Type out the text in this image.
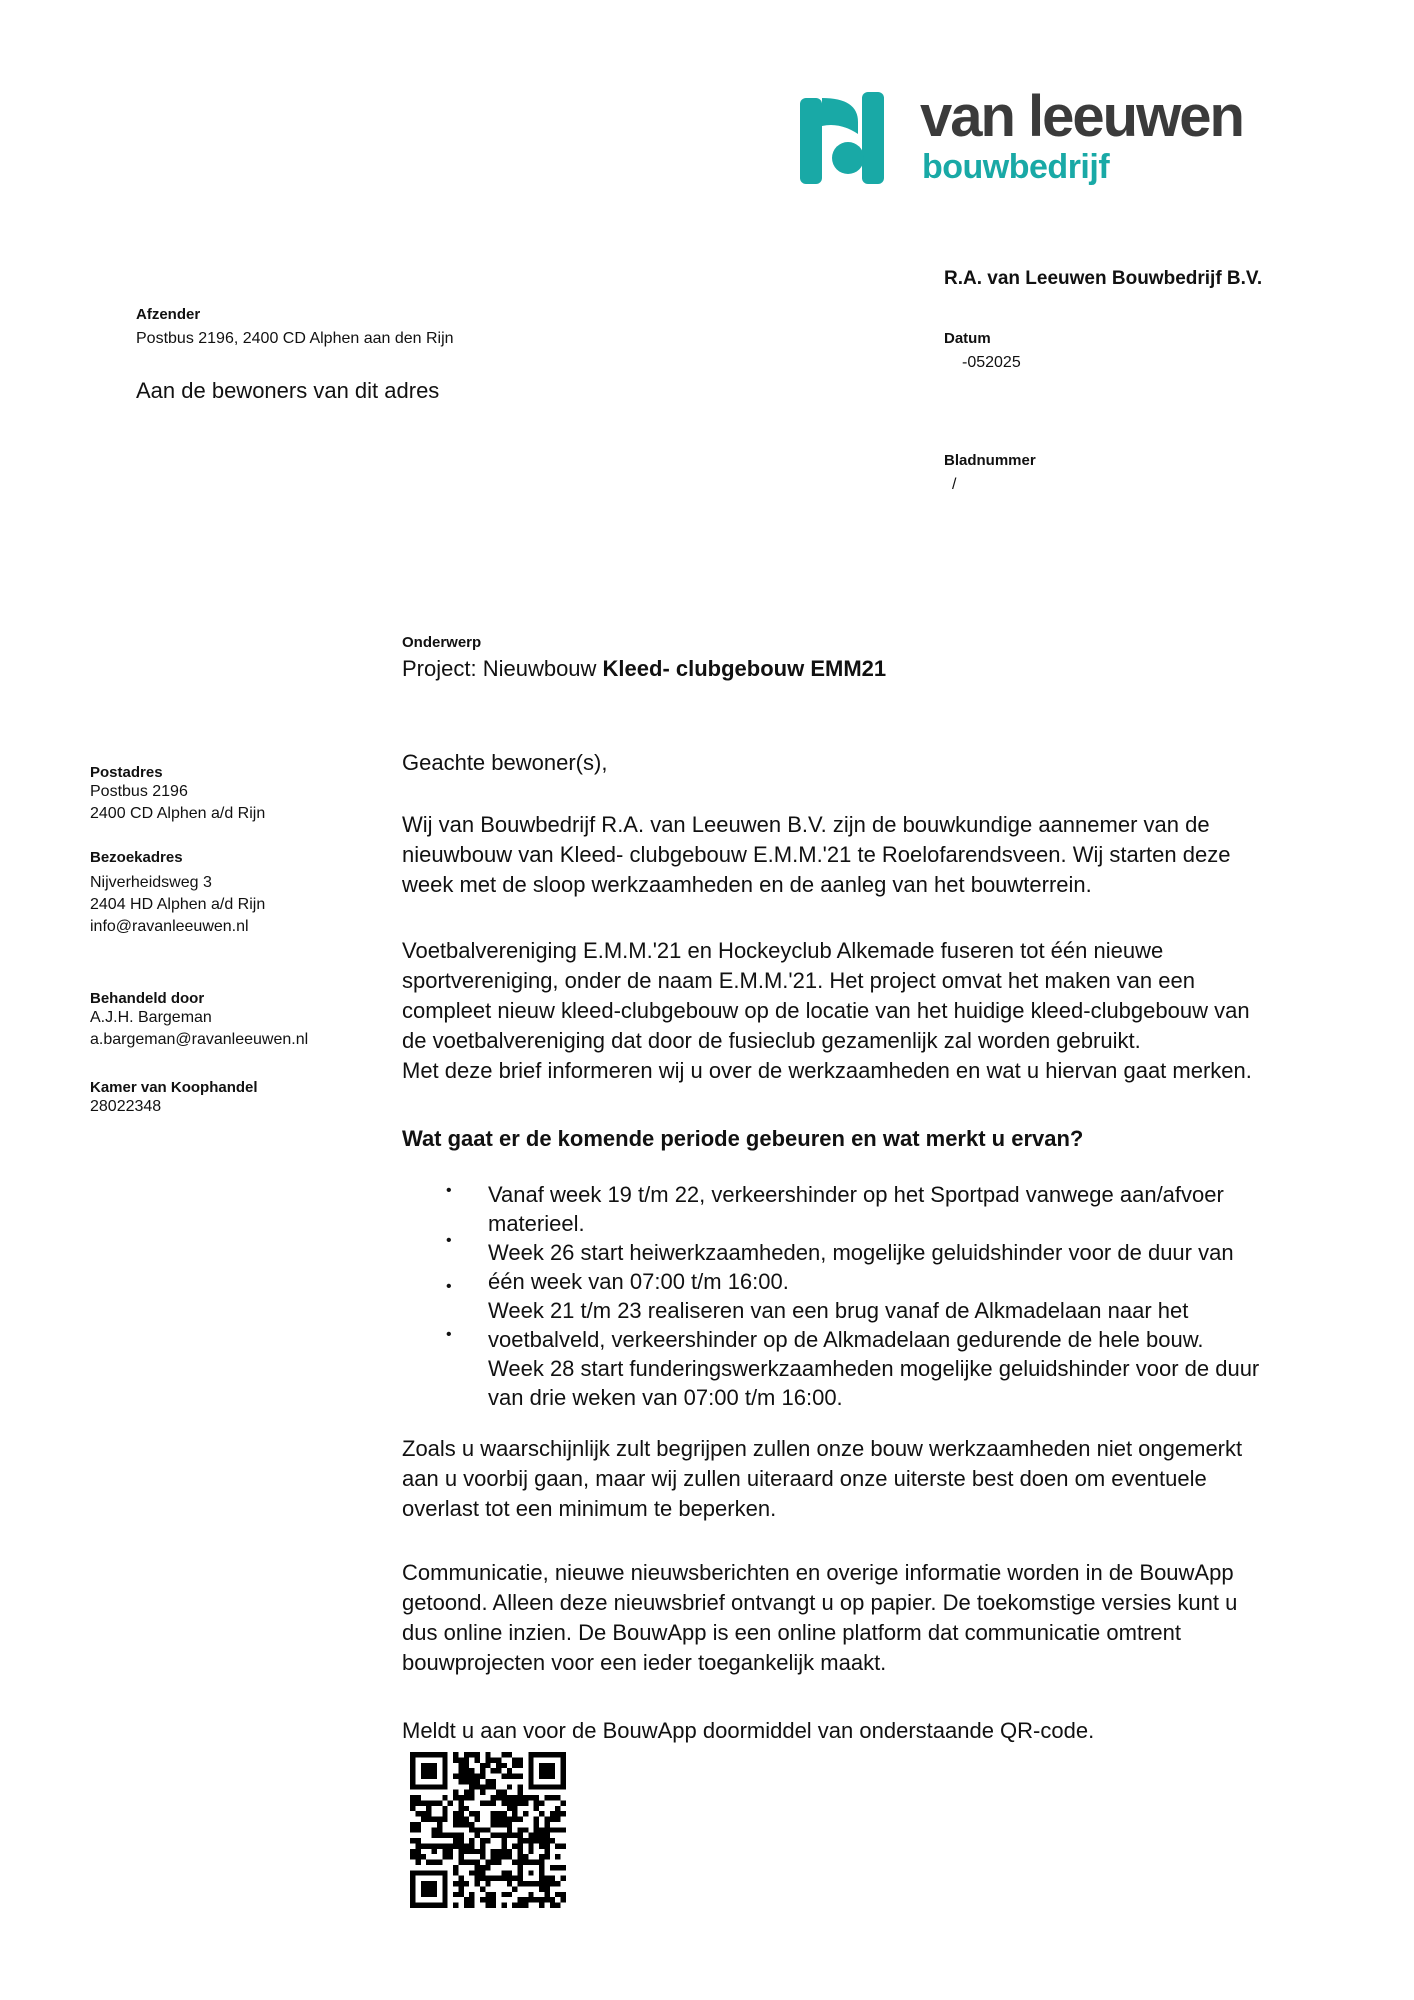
van leeuwen
bouwbedrijf
R.A. van Leeuwen Bouwbedrijf B.V.
Afzender
Postbus 2196, 2400 CD Alphen aan den Rijn
Aan de bewoners van dit adres
Datum
-052025
Bladnummer
/
Onderwerp
Project: Nieuwbouw Kleed- clubgebouw EMM21
Postadres
Postbus 2196
2400 CD Alphen a/d Rijn
Bezoekadres
Nijverheidsweg 3
2404 HD Alphen a/d Rijn
info@ravanleeuwen.nl
Behandeld door
A.J.H. Bargeman
a.bargeman@ravanleeuwen.nl
Kamer van Koophandel
28022348
Geachte bewoner(s),
Wij van Bouwbedrijf R.A. van Leeuwen B.V. zijn de bouwkundige aannemer van de
nieuwbouw van Kleed- clubgebouw E.M.M.'21 te Roelofarendsveen. Wij starten deze
week met de sloop werkzaamheden en de aanleg van het bouwterrein.
Voetbalvereniging E.M.M.'21 en Hockeyclub Alkemade fuseren tot één nieuwe
sportvereniging, onder de naam E.M.M.'21. Het project omvat het maken van een
compleet nieuw kleed-clubgebouw op de locatie van het huidige kleed-clubgebouw van
de voetbalvereniging dat door de fusieclub gezamenlijk zal worden gebruikt.
Met deze brief informeren wij u over de werkzaamheden en wat u hiervan gaat merken.
Wat gaat er de komende periode gebeuren en wat merkt u ervan?
•
•
•
•
Vanaf week 19 t/m 22, verkeershinder op het Sportpad vanwege aan/afvoer
materieel.
Week 26 start heiwerkzaamheden, mogelijke geluidshinder voor de duur van
één week van 07:00 t/m 16:00.
Week 21 t/m 23 realiseren van een brug vanaf de Alkmadelaan naar het
voetbalveld, verkeershinder op de Alkmadelaan gedurende de hele bouw.
Week 28 start funderingswerkzaamheden mogelijke geluidshinder voor de duur
van drie weken van 07:00 t/m 16:00.
Zoals u waarschijnlijk zult begrijpen zullen onze bouw werkzaamheden niet ongemerkt
aan u voorbij gaan, maar wij zullen uiteraard onze uiterste best doen om eventuele
overlast tot een minimum te beperken.
Communicatie, nieuwe nieuwsberichten en overige informatie worden in de BouwApp
getoond. Alleen deze nieuwsbrief ontvangt u op papier. De toekomstige versies kunt u
dus online inzien. De BouwApp is een online platform dat communicatie omtrent
bouwprojecten voor een ieder toegankelijk maakt.
Meldt u aan voor de BouwApp doormiddel van onderstaande QR-code.
